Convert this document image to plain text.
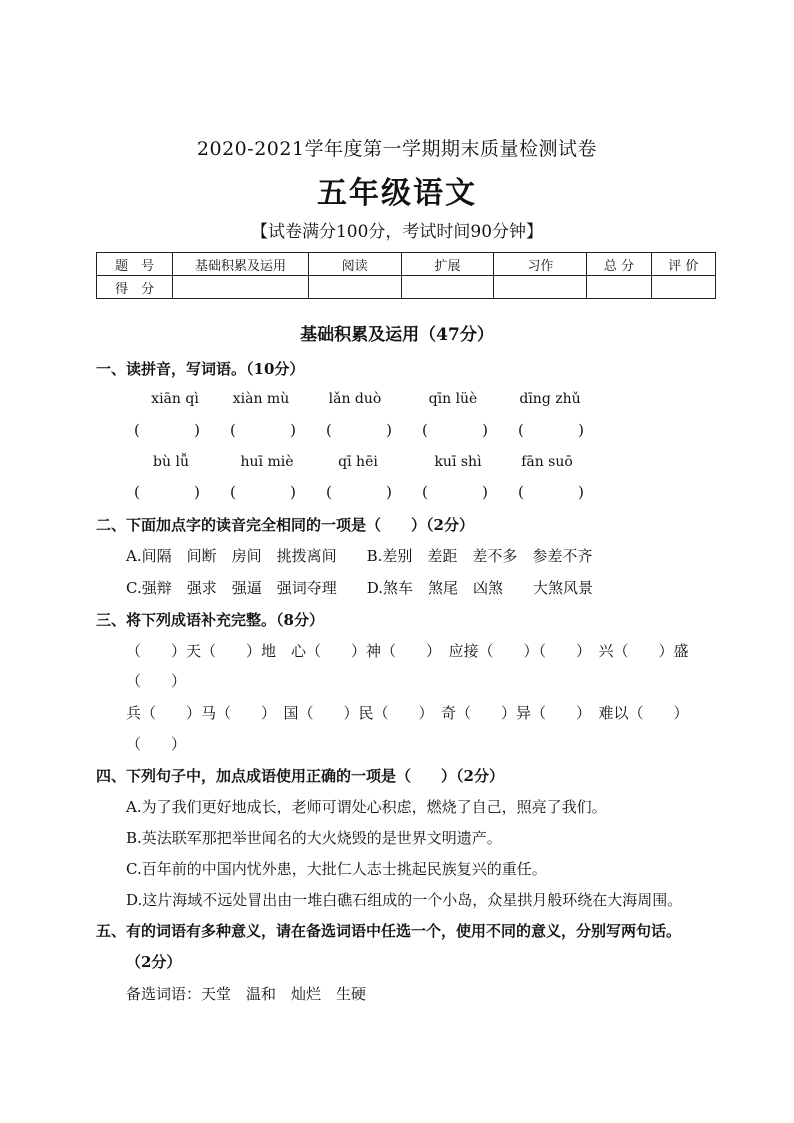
2020-2021学年度第一学期期末质量检测试卷
五年级语文
【试卷满分100分，考试时间90分钟】
题　号	基础积累及运用	阅读	扩展	习作	总 分	评 价
得　分						
基础积累及运用（47分）
一、读拼音，写词语。（10分）
xiān qì	xiàn mù	lǎn duò	qīn lüè	dīng zhǔ
(	) (	) (	) (	) (	)
bù lǚ	huī miè	qī hēi	kuī shì	fān suō
(	) (	) (	) (	) (	)
二、下面加点字的读音完全相同的一项是（　　）（2分）
A.间隔　间断　房间　挑拨离间　　B.差别　差距　差不多　参差不齐
C.强辩　强求　强逼　强词夺理　　D.煞车　煞尾　凶煞　　大煞风景
三、将下列成语补充完整。（8分）
（　　）天（　　）地　心（　　）神（　　）　应接（　　）（　　）　兴（　　）盛
（　　）
兵（　　）马（　　）　国（　　）民（　　）　奇（　　）异（　　）　难以（　　）
（　　）
四、下列句子中，加点成语使用正确的一项是（　　）（2分）
A.为了我们更好地成长，老师可谓处心积虑，燃烧了自己，照亮了我们。
B.英法联军那把举世闻名的大火烧毁的是世界文明遗产。
C.百年前的中国内忧外患，大批仁人志士挑起民族复兴的重任。
D.这片海域不远处冒出由一堆白礁石组成的一个小岛，众星拱月般环绕在大海周围。
五、有的词语有多种意义，请在备选词语中任选一个，使用不同的意义，分别写两句话。
（2分）
备选词语：天堂　温和　灿烂　生硬
